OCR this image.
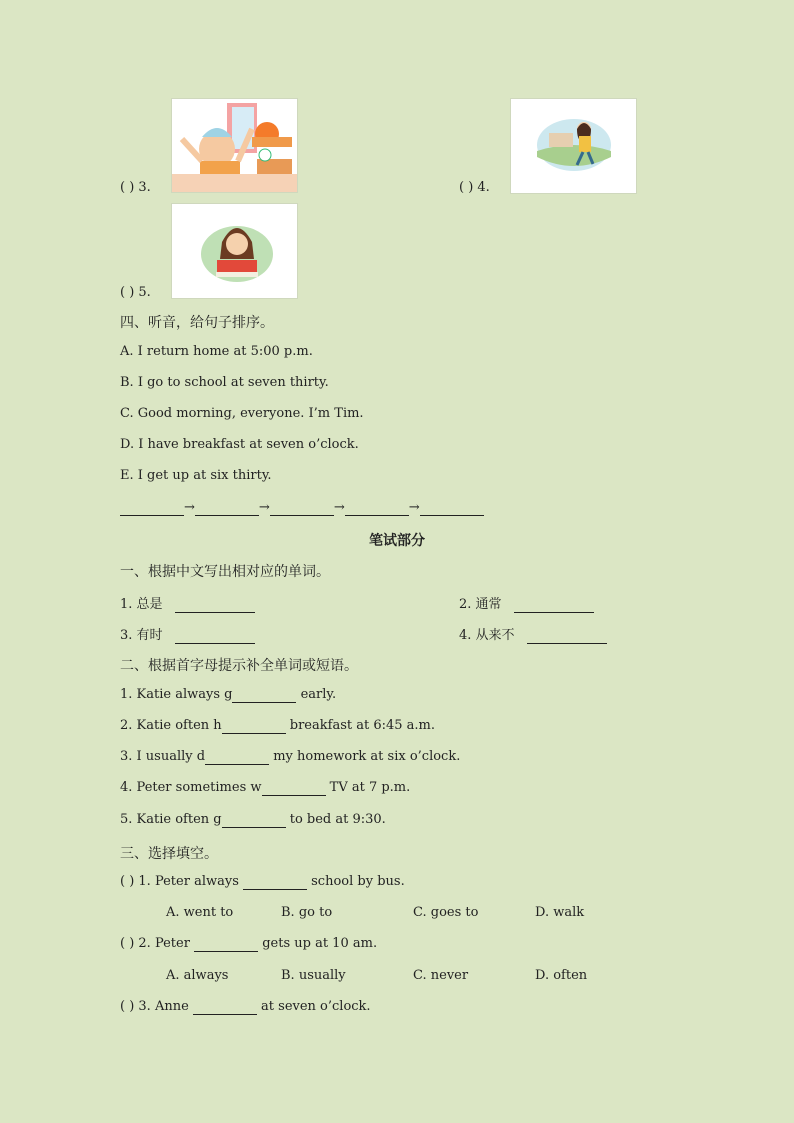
( ) 3.	( ) 4.
( ) 5.
四、听音，给句子排序。
A. I return home at 5:00 p.m.
B. I go to school at seven thirty.
C. Good morning, everyone. I’m Tim.
D. I have breakfast at seven o’clock.
E. I get up at six thirty.
→	→	→	→
笔试部分
一、根据中文写出相对应的单词。
1. 总是	2. 通常
3. 有时	4. 从来不
二、根据首字母提示补全单词或短语。
1. Katie always g	early.
2. Katie often h	breakfast at 6:45 a.m.
3. I usually d	my homework at six o’clock.
4. Peter sometimes w	TV at 7 p.m.
5. Katie often g	to bed at 9:30.
三、选择填空。
( ) 1. Peter always	school by bus.
A. went to	B. go to	C. goes to	D. walk
( ) 2. Peter	gets up at 10 am.
A. always	B. usually	C. never	D. often
( ) 3. Anne	at seven o’clock.
